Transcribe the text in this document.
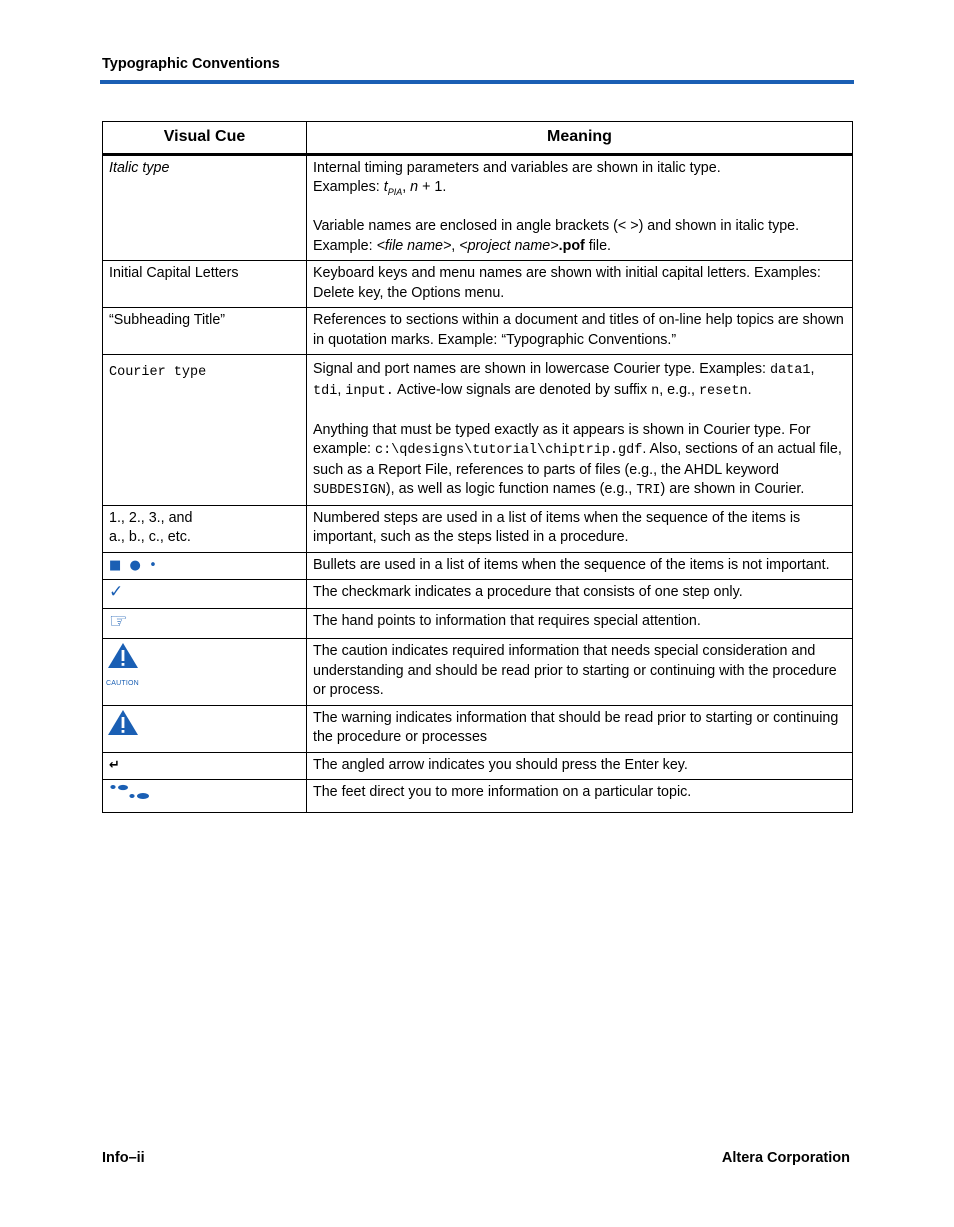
Typographic Conventions
Visual Cue	Meaning
Italic type	Internal timing parameters and variables are shown in italic type.
Examples: $t_{PIA}$, n + 1.
Variable names are enclosed in angle brackets (< >) and shown in italic type.
Example: <file name>, <project name>.pof file.

Initial Capital Letters	Keyboard keys and menu names are shown with initial capital letters. Examples: Delete key, the Options menu.
“Subheading Title”	References to sections within a document and titles of on-line help topics are shown in quotation marks. Example: “Typographic Conventions.”

Courier type	Signal and port names are shown in lowercase Courier type. Examples: data1, tdi, input. Active-low signals are denoted by suffix n, e.g., resetn.
Anything that must be typed exactly as it appears is shown in Courier type. For example: c:\qdesigns\tutorial\chiptrip.gdf. Also, sections of an actual file, such as a Report File, references to parts of files (e.g., the AHDL keyword SUBDESIGN), as well as logic function names (e.g., TRI) are shown in Courier.

1., 2., 3., and
a., b., c., etc.	Numbered steps are used in a list of items when the sequence of the items is important, such as the steps listed in a procedure.
■  ●  •	Bullets are used in a list of items when the sequence of the items is not important.
✓	The checkmark indicates a procedure that consists of one step only.
☞	The hand points to information that requires special attention.

CAUTION	The caution indicates required information that needs special consideration and understanding and should be read prior to starting or continuing with the procedure or process.
	The warning indicates information that should be read prior to starting or continuing the procedure or processes
↵	The angled arrow indicates you should press the Enter key.
	The feet direct you to more information on a particular topic.
Info–ii	Altera Corporation
